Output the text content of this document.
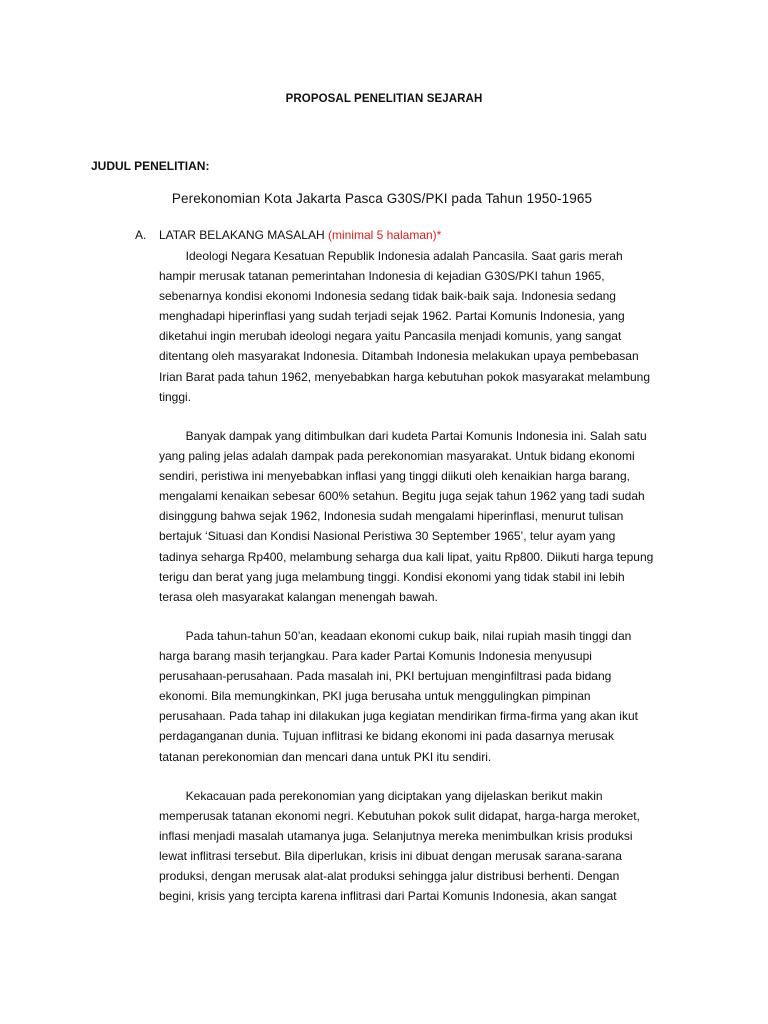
PROPOSAL PENELITIAN SEJARAH
JUDUL PENELITIAN:
Perekonomian Kota Jakarta Pasca G30S/PKI pada Tahun 1950-1965
A. LATAR BELAKANG MASALAH (minimal 5 halaman)*
Ideologi Negara Kesatuan Republik Indonesia adalah Pancasila. Saat garis merah
hampir merusak tatanan pemerintahan Indonesia di kejadian G30S/PKI tahun 1965,
sebenarnya kondisi ekonomi Indonesia sedang tidak baik-baik saja. Indonesia sedang
menghadapi hiperinflasi yang sudah terjadi sejak 1962. Partai Komunis Indonesia, yang
diketahui ingin merubah ideologi negara yaitu Pancasila menjadi komunis, yang sangat
ditentang oleh masyarakat Indonesia. Ditambah Indonesia melakukan upaya pembebasan
Irian Barat pada tahun 1962, menyebabkan harga kebutuhan pokok masyarakat melambung
tinggi.
Banyak dampak yang ditimbulkan dari kudeta Partai Komunis Indonesia ini. Salah satu
yang paling jelas adalah dampak pada perekonomian masyarakat. Untuk bidang ekonomi
sendiri, peristiwa ini menyebabkan inflasi yang tinggi diikuti oleh kenaikian harga barang,
mengalami kenaikan sebesar 600% setahun. Begitu juga sejak tahun 1962 yang tadi sudah
disinggung bahwa sejak 1962, Indonesia sudah mengalami hiperinflasi, menurut tulisan
bertajuk ‘Situasi dan Kondisi Nasional Peristiwa 30 September 1965’, telur ayam yang
tadinya seharga Rp400, melambung seharga dua kali lipat, yaitu Rp800. Diikuti harga tepung
terigu dan berat yang juga melambung tinggi. Kondisi ekonomi yang tidak stabil ini lebih
terasa oleh masyarakat kalangan menengah bawah.
Pada tahun-tahun 50’an, keadaan ekonomi cukup baik, nilai rupiah masih tinggi dan
harga barang masih terjangkau. Para kader Partai Komunis Indonesia menyusupi
perusahaan-perusahaan. Pada masalah ini, PKI bertujuan menginfiltrasi pada bidang
ekonomi. Bila memungkinkan, PKI juga berusaha untuk menggulingkan pimpinan
perusahaan. Pada tahap ini dilakukan juga kegiatan mendirikan firma-firma yang akan ikut
perdaganganan dunia. Tujuan inflitrasi ke bidang ekonomi ini pada dasarnya merusak
tatanan perekonomian dan mencari dana untuk PKI itu sendiri.
Kekacauan pada perekonomian yang diciptakan yang dijelaskan berikut makin
memperusak tatanan ekonomi negri. Kebutuhan pokok sulit didapat, harga-harga meroket,
inflasi menjadi masalah utamanya juga. Selanjutnya mereka menimbulkan krisis produksi
lewat inflitrasi tersebut. Bila diperlukan, krisis ini dibuat dengan merusak sarana-sarana
produksi, dengan merusak alat-alat produksi sehingga jalur distribusi berhenti. Dengan
begini, krisis yang tercipta karena inflitrasi dari Partai Komunis Indonesia, akan sangat
